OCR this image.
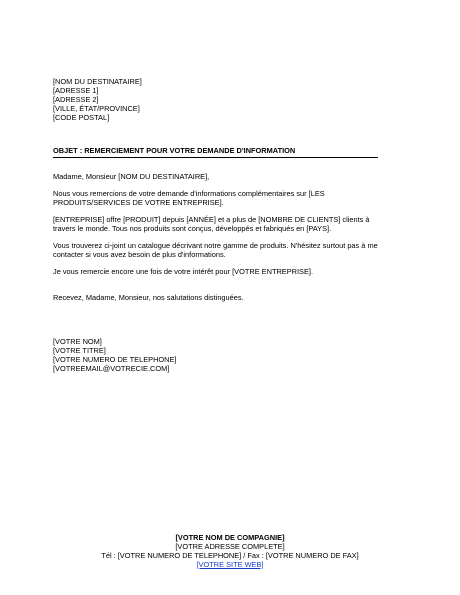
[NOM DU DESTINATAIRE]
[ADRESSE 1]
[ADRESSE 2]
[VILLE, ÉTAT/PROVINCE]
[CODE POSTAL]
OBJET : REMERCIEMENT POUR VOTRE DEMANDE D'INFORMATION
Madame, Monsieur [NOM DU DESTINATAIRE],
Nous vous remercions de votre demande d'informations complémentaires sur [LES PRODUITS/SERVICES DE VOTRE ENTREPRISE].
[ENTREPRISE] offre [PRODUIT] depuis [ANNÉE] et a plus de [NOMBRE DE CLIENTS] clients à travers le monde. Tous nos produits sont conçus, développés et fabriqués en [PAYS].
Vous trouverez ci-joint un catalogue décrivant notre gamme de produits. N'hésitez surtout pas à me contacter si vous avez besoin de plus d'informations.
Je vous remercie encore une fois de votre intérêt pour [VOTRE ENTREPRISE].
Recevez, Madame, Monsieur, nos salutations distinguées.
[VOTRE NOM]
[VOTRE TITRE]
[VOTRE NUMERO DE TELEPHONE]
[VOTREEMAIL@VOTRECIE.COM]
[VOTRE NOM DE COMPAGNIE]
[VOTRE ADRESSE COMPLETE]
Tél : [VOTRE NUMERO DE TELEPHONE] / Fax : [VOTRE NUMERO DE FAX]
[VOTRE SITE WEB]
